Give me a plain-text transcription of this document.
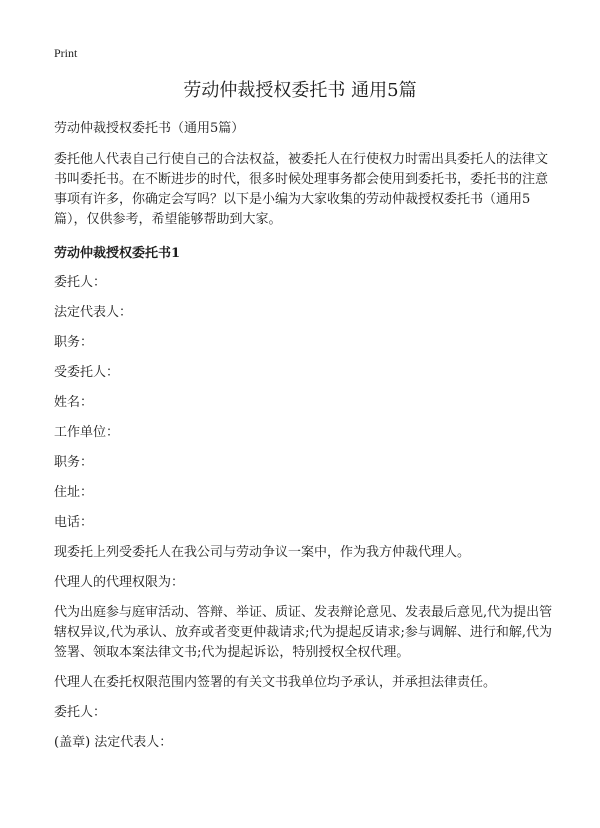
Print
劳动仲裁授权委托书 通用5篇

劳动仲裁授权委托书（通用5篇）

委托他人代表自己行使自己的合法权益，被委托人在行使权力时需出具委托人的法律文书叫委托书。在不断进步的时代，很多时候处理事务都会使用到委托书，委托书的注意事项有许多，你确定会写吗？以下是小编为大家收集的劳动仲裁授权委托书（通用5篇），仅供参考，希望能够帮助到大家。

劳动仲裁授权委托书1

委托人：

法定代表人：

职务：

受委托人：

姓名：

工作单位：

职务：

住址：

电话：

现委托上列受委托人在我公司与劳动争议一案中，作为我方仲裁代理人。

代理人的代理权限为：

代为出庭参与庭审活动、答辩、举证、质证、发表辩论意见、发表最后意见,代为提出管辖权异议,代为承认、放弃或者变更仲裁请求;代为提起反请求;参与调解、进行和解,代为签署、领取本案法律文书;代为提起诉讼，特别授权全权代理。

代理人在委托权限范围内签署的有关文书我单位均予承认，并承担法律责任。

委托人：

(盖章) 法定代表人：
